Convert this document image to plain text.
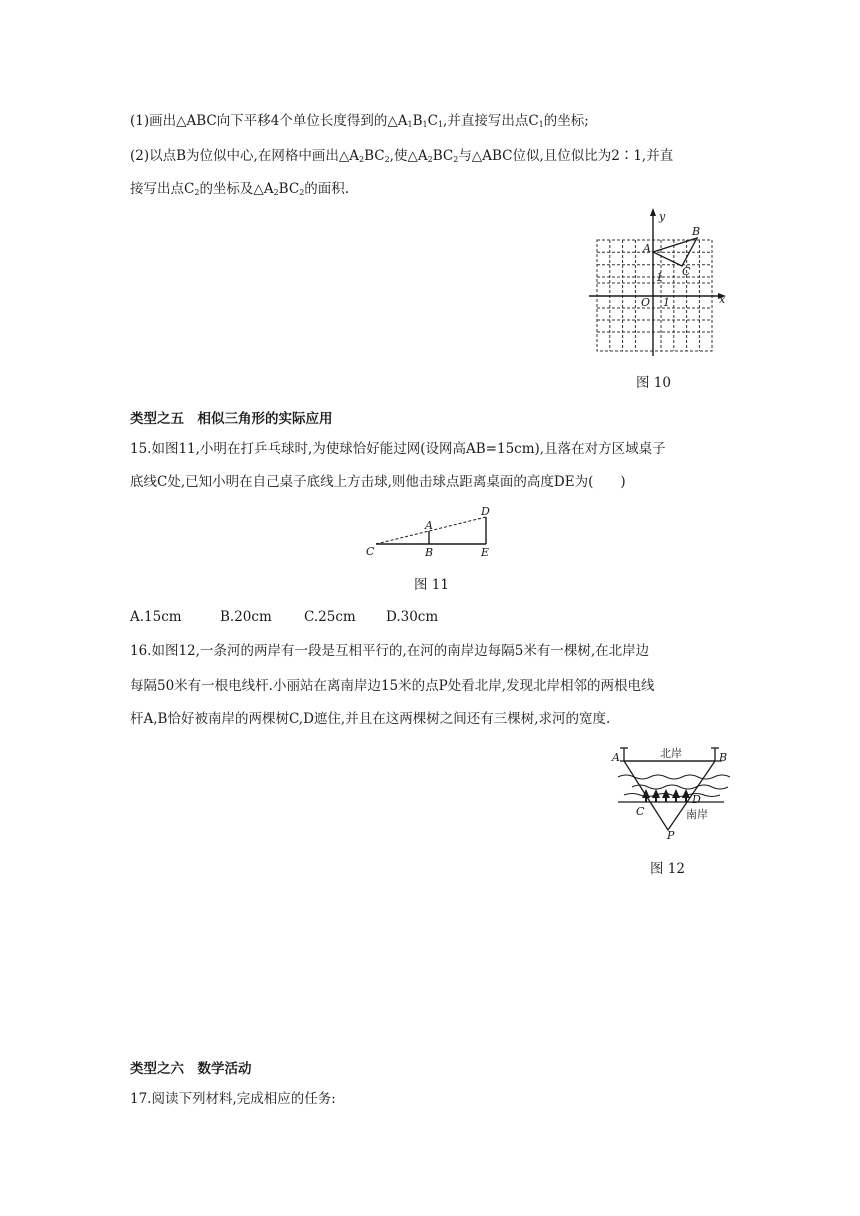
(1)画出△ABC向下平移4个单位长度得到的$\triangle A_1B_1C_1$,并直接写出点$C_1$的坐标;
(2)以点B为位似中心,在网格中画出$\triangle A_2BC_2$,使$\triangle A_2BC_2$与△ABC位似,且位似比为2∶1,并直
接写出点$C_2$的坐标及$\triangle A_2BC_2$的面积.
y
x
A
B
C
O
1
1
图 10
类型之五　相似三角形的实际应用
15.如图11,小明在打乒乓球时,为使球恰好能过网(设网高AB=15cm),且落在对方区域桌子
底线C处,已知小明在自己桌子底线上方击球,则他击球点距离桌面的高度DE为(　　)
C
A
B
D
E
图 11
A.15cm	B.20cm C.25cm D.30cm
16.如图12,一条河的两岸有一段是互相平行的,在河的南岸边每隔5米有一棵树,在北岸边
每隔50米有一根电线杆.小丽站在离南岸边15米的点P处看北岸,发现北岸相邻的两根电线
杆A,B恰好被南岸的两棵树C,D遮住,并且在这两棵树之间还有三棵树,求河的宽度.
北岸
南岸
A	B
C
D
P
图 12
类型之六　数学活动
17.阅读下列材料,完成相应的任务:
